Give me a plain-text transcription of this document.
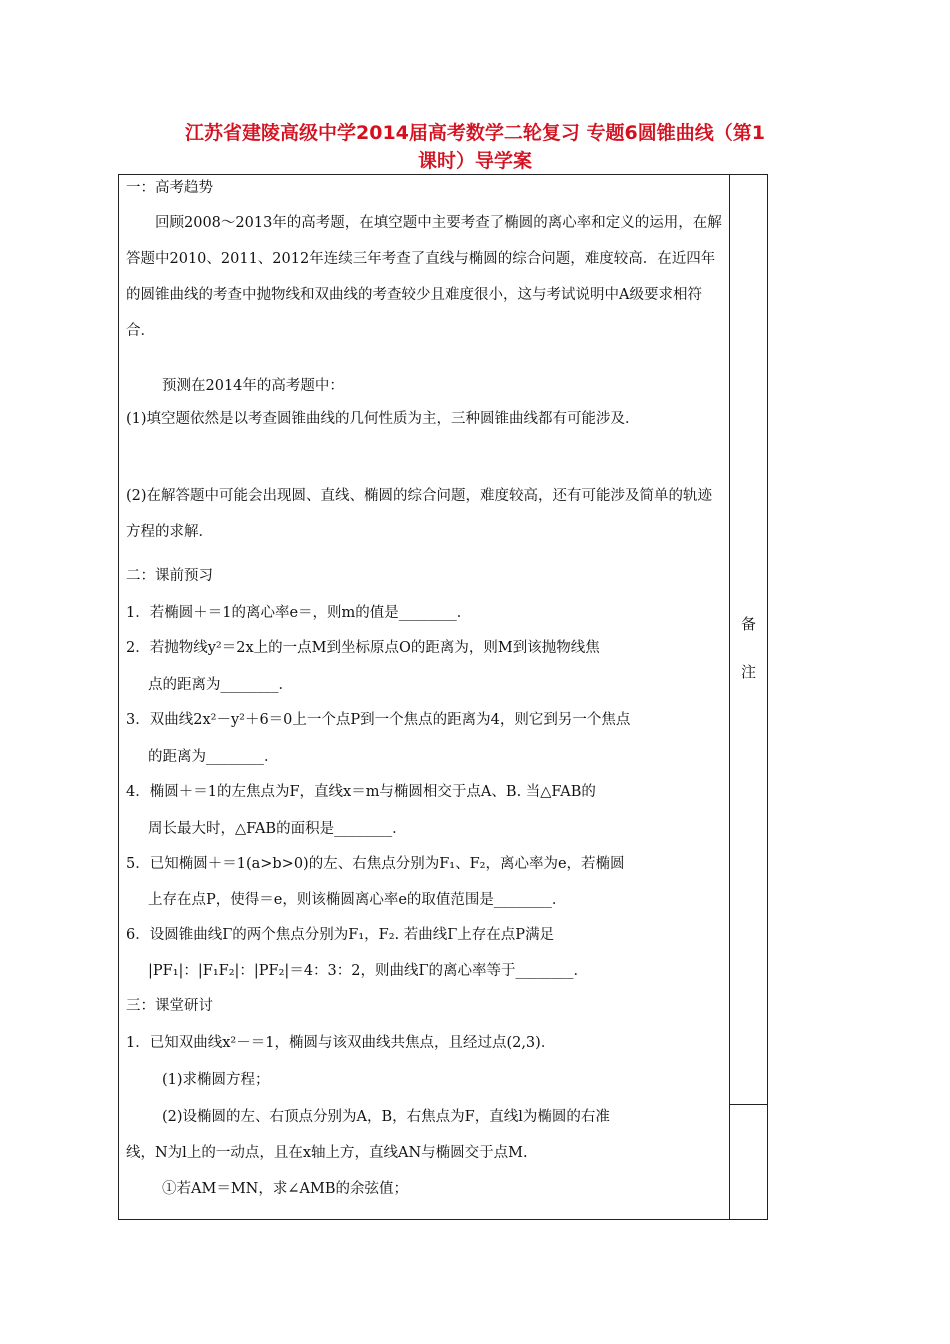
江苏省建陵高级中学2014届高考数学二轮复习 专题6圆锥曲线（第1
课时）导学案
备
注
一：高考趋势
回顾2008～2013年的高考题，在填空题中主要考查了椭圆的离心率和定义的运用，在解答题中2010、2011、2012年连续三年考查了直线与椭圆的综合问题，难度较高．在近四年的圆锥曲线的考查中抛物线和双曲线的考查较少且难度很小，这与考试说明中A级要求相符合．
预测在2014年的高考题中：
(1)填空题依然是以考查圆锥曲线的几何性质为主，三种圆锥曲线都有可能涉及．
(2)在解答题中可能会出现圆、直线、椭圆的综合问题，难度较高，还有可能涉及简单的轨迹方程的求解．
二：课前预习
1．若椭圆＋＝1的离心率e＝，则m的值是________．
2．若抛物线y²＝2x上的一点M到坐标原点O的距离为，则M到该抛物线焦
点的距离为________．
3．双曲线2x²－y²＋6＝0上一个点P到一个焦点的距离为4，则它到另一个焦点
的距离为________．
4．椭圆＋＝1的左焦点为F，直线x＝m与椭圆相交于点A、B. 当△FAB的
周长最大时，△FAB的面积是________．
5．已知椭圆＋＝1(a>b>0)的左、右焦点分别为F₁、F₂，离心率为e，若椭圆
上存在点P，使得＝e，则该椭圆离心率e的取值范围是________．
6．设圆锥曲线Γ的两个焦点分别为F₁，F₂. 若曲线Γ上存在点P满足
|PF₁|：|F₁F₂|：|PF₂|＝4：3：2，则曲线Γ的离心率等于________．
三：课堂研讨
1．已知双曲线x²－＝1，椭圆与该双曲线共焦点，且经过点(2,3)．
(1)求椭圆方程；
(2)设椭圆的左、右顶点分别为A，B，右焦点为F，直线l为椭圆的右准
线，N为l上的一动点，且在x轴上方，直线AN与椭圆交于点M.
①若AM＝MN，求∠AMB的余弦值；
